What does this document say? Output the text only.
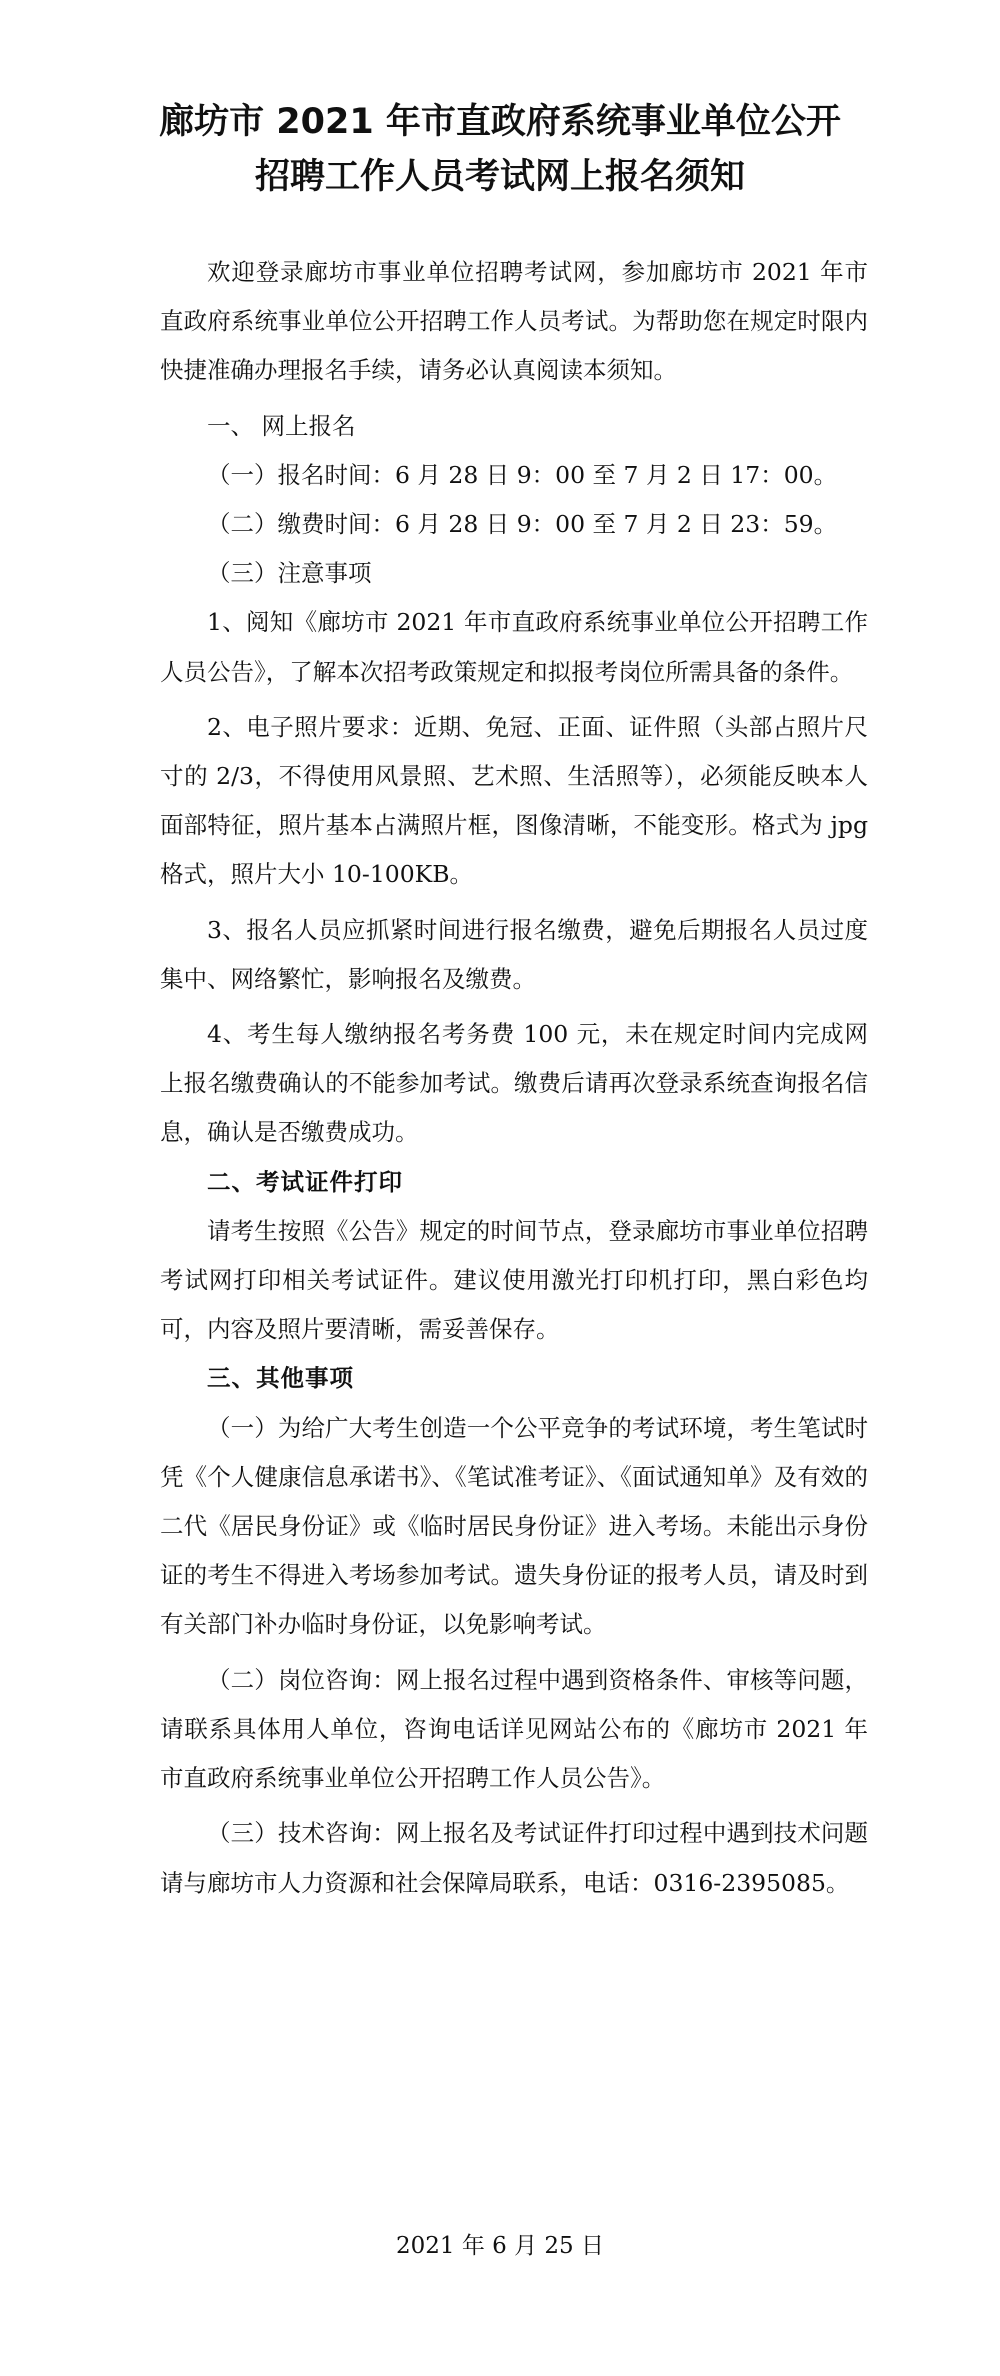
廊坊市 2021 年市直政府系统事业单位公开
招聘工作人员考试网上报名须知

欢迎登录廊坊市事业单位招聘考试网，参加廊坊市 2021 年市直政府系统事业单位公开招聘工作人员考试。为帮助您在规定时限内快捷准确办理报名手续，请务必认真阅读本须知。

一、 网上报名

（一）报名时间：6 月 28 日 9：00 至 7 月 2 日 17：00。

（二）缴费时间：6 月 28 日 9：00 至 7 月 2 日 23：59。

（三）注意事项

1、阅知《廊坊市 2021 年市直政府系统事业单位公开招聘工作人员公告》，了解本次招考政策规定和拟报考岗位所需具备的条件。

2、电子照片要求：近期、免冠、正面、证件照（头部占照片尺寸的 2/3，不得使用风景照、艺术照、生活照等），必须能反映本人面部特征，照片基本占满照片框，图像清晰，不能变形。格式为 jpg 格式，照片大小 10-100KB。

3、报名人员应抓紧时间进行报名缴费，避免后期报名人员过度集中、网络繁忙，影响报名及缴费。

4、考生每人缴纳报名考务费 100 元，未在规定时间内完成网上报名缴费确认的不能参加考试。缴费后请再次登录系统查询报名信息，确认是否缴费成功。

二、考试证件打印

请考生按照《公告》规定的时间节点，登录廊坊市事业单位招聘考试网打印相关考试证件。建议使用激光打印机打印，黑白彩色均可，内容及照片要清晰，需妥善保存。

三、其他事项

（一）为给广大考生创造一个公平竞争的考试环境，考生笔试时凭《个人健康信息承诺书》、《笔试准考证》、《面试通知单》及有效的二代《居民身份证》或《临时居民身份证》进入考场。未能出示身份证的考生不得进入考场参加考试。遗失身份证的报考人员，请及时到有关部门补办临时身份证，以免影响考试。

（二）岗位咨询：网上报名过程中遇到资格条件、审核等问题，请联系具体用人单位，咨询电话详见网站公布的《廊坊市 2021 年市直政府系统事业单位公开招聘工作人员公告》。

（三）技术咨询：网上报名及考试证件打印过程中遇到技术问题请与廊坊市人力资源和社会保障局联系，电话：0316-2395085。

2021 年 6 月 25 日
